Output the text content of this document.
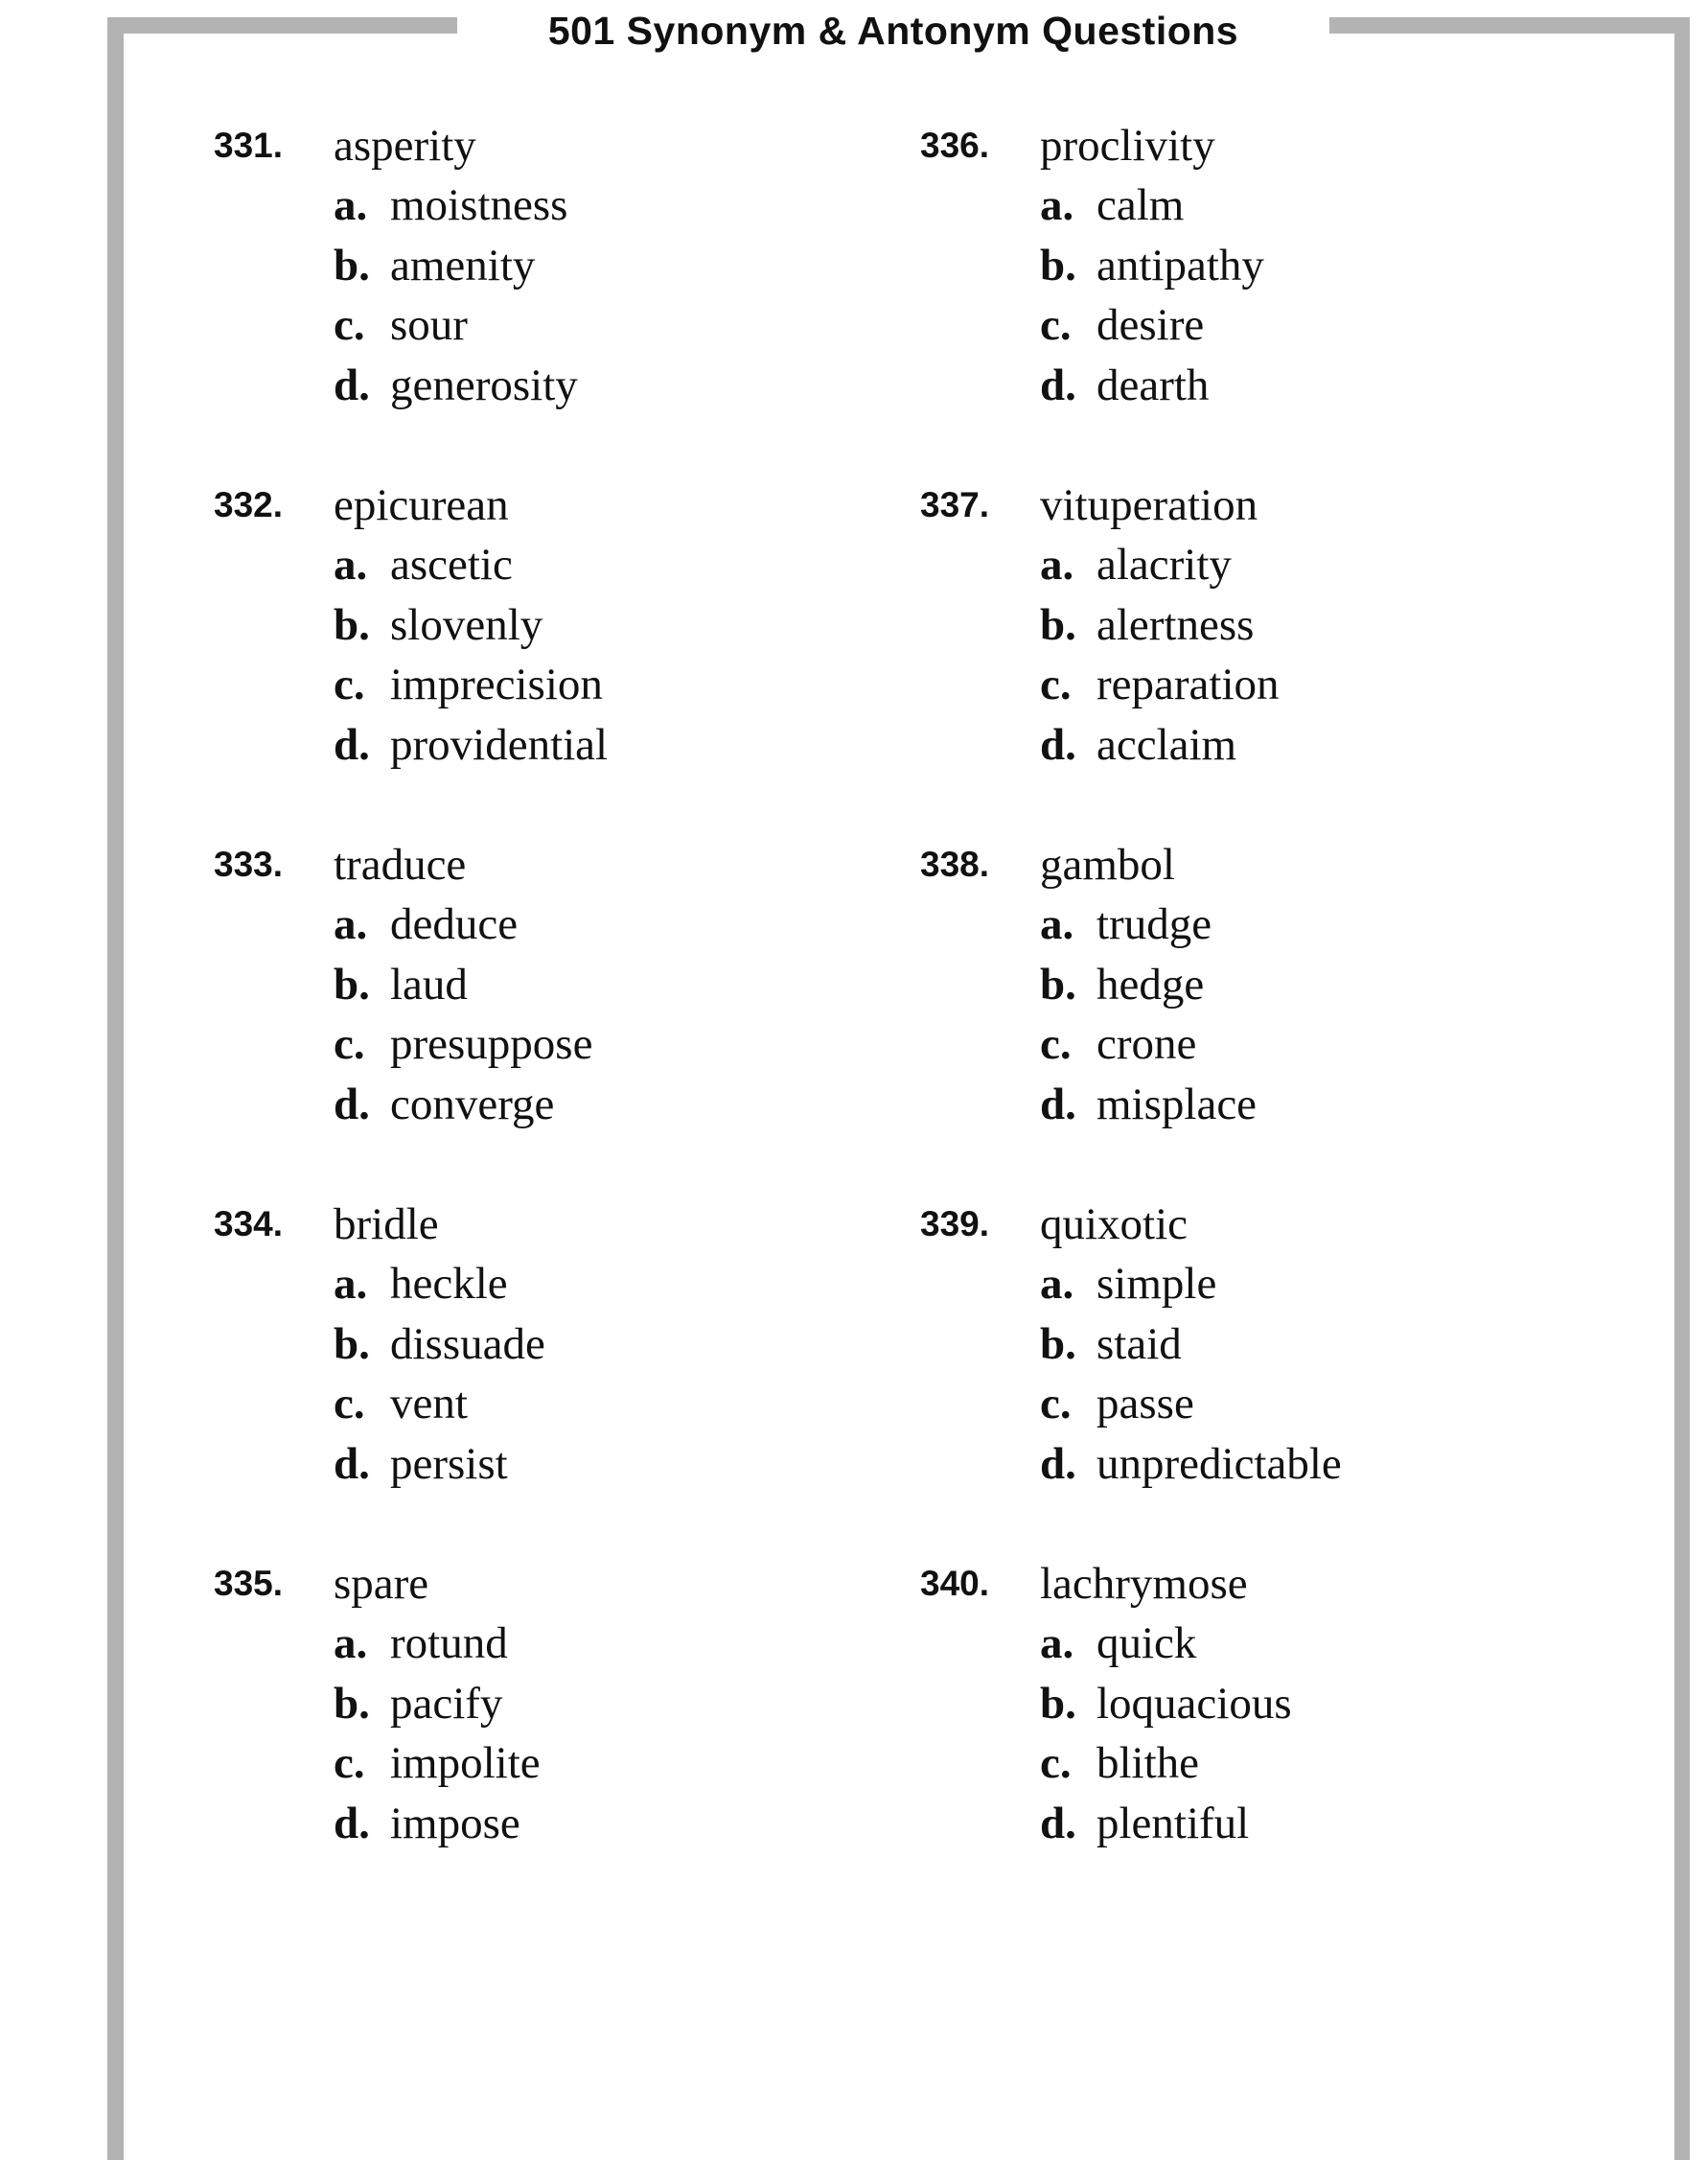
501 Synonym & Antonym Questions
331. asperity
a. moistness
b. amenity
c. sour
d. generosity
332. epicurean
a. ascetic
b. slovenly
c. imprecision
d. providential
333. traduce
a. deduce
b. laud
c. presuppose
d. converge
334. bridle
a. heckle
b. dissuade
c. vent
d. persist
335. spare
a. rotund
b. pacify
c. impolite
d. impose
336. proclivity
a. calm
b. antipathy
c. desire
d. dearth
337. vituperation
a. alacrity
b. alertness
c. reparation
d. acclaim
338. gambol
a. trudge
b. hedge
c. crone
d. misplace
339. quixotic
a. simple
b. staid
c. passe
d. unpredictable
340. lachrymose
a. quick
b. loquacious
c. blithe
d. plentiful
